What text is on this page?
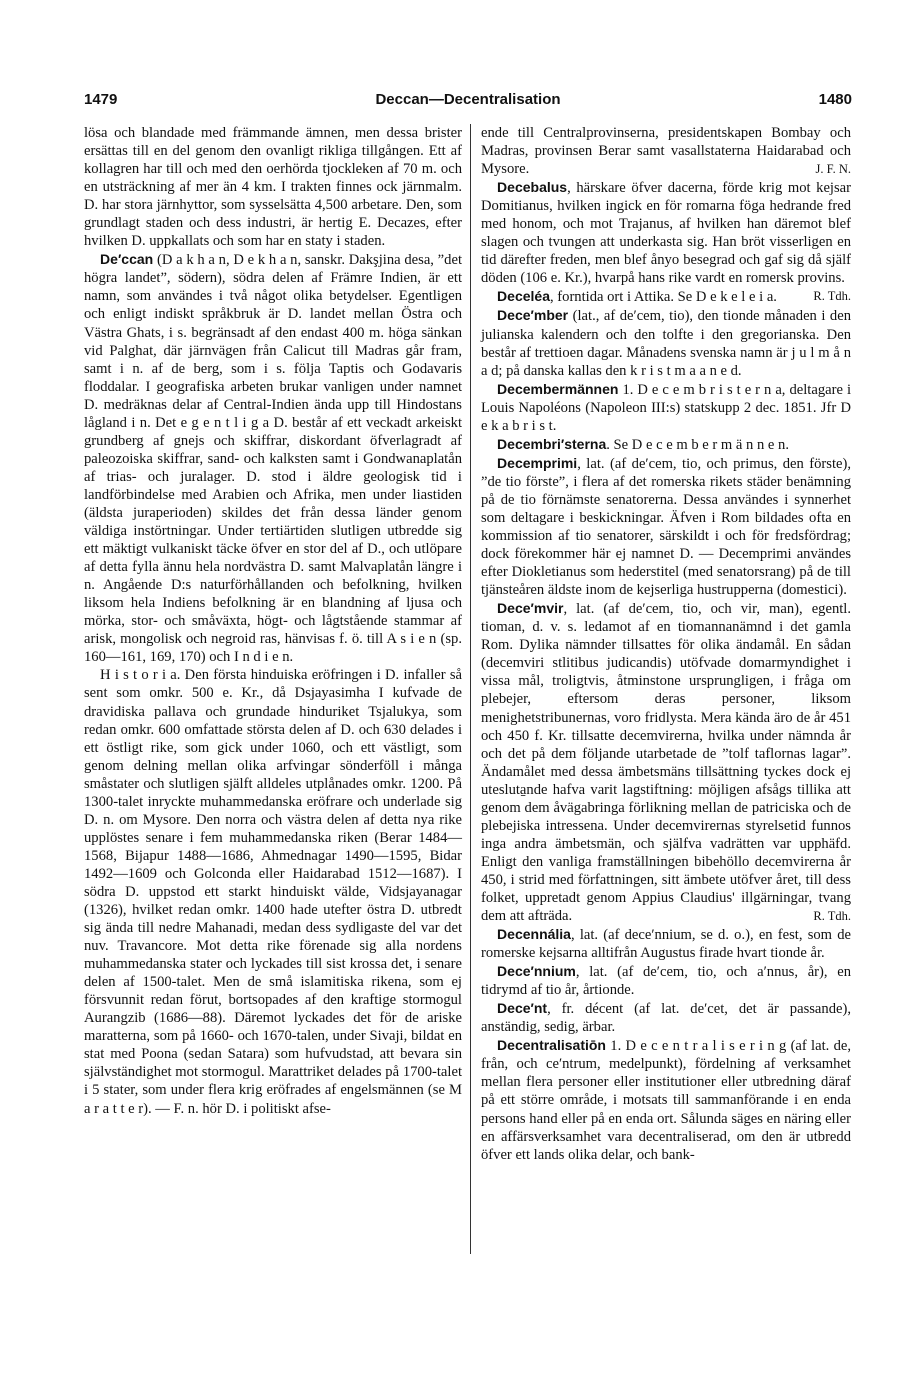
1479	Deccan—Decentralisation	1480

lösa och blandade med främmande ämnen, men dessa brister ersättas till en del genom den ovanligt rikliga tillgången. Ett af kollagren har till och med den oerhörda tjockleken af 70 m. och en utsträckning af mer än 4 km. I trakten finnes ock järnmalm. D. har stora järnhyttor, som sysselsätta 4,500 arbetare. Den, som grundlagt staden och dess industri, är hertig E. Decazes, efter hvilken D. uppkallats och som har en staty i staden.

De′ccan (D a k h a n, D e k h a n, sanskr. Dakşjina desa, ”det högra landet”, södern), södra delen af Främre Indien, är ett namn, som användes i två något olika betydelser. Egentligen och enligt indiskt språkbruk är D. landet mellan Östra och Västra Ghats, i s. begränsadt af den endast 400 m. höga sänkan vid Palghat, där järnvägen från Calicut till Madras går fram, samt i n. af de berg, som i s. följa Taptis och Godavaris floddalar. I geografiska arbeten brukar vanligen under namnet D. medräknas delar af Central-Indien ända upp till Hindostans lågland i n. Det e g e n t l i g a D. består af ett veckadt arkeiskt grundberg af gnejs och skiffrar, diskordant öfverlagradt af paleozoiska skiffrar, sand- och kalksten samt i Gondwanaplatån af trias- och juralager. D. stod i äldre geologisk tid i landförbindelse med Arabien och Afrika, men under liastiden (äldsta juraperioden) skildes det från dessa länder genom väldiga instörtningar. Under tertiärtiden slutligen utbredde sig ett mäktigt vulkaniskt täcke öfver en stor del af D., och utlöpare af detta fylla ännu hela nordvästra D. samt Malvaplatån längre i n. Angående D:s naturförhållanden och befolkning, hvilken liksom hela Indiens befolkning är en blandning af ljusa och mörka, stor- och småväxta, högt- och lågtstående stammar af arisk, mongolisk och negroid ras, hänvisas f. ö. till A s i e n (sp. 160—161, 169, 170) och I n d i e n.

H i s t o r i a. Den första hinduiska eröfringen i D. infaller så sent som omkr. 500 e. Kr., då Dsjayasimha I kufvade de dravidiska pallava och grundade hinduriket Tsjalukya, som redan omkr. 600 omfattade största delen af D. och 630 delades i ett östligt rike, som gick under 1060, och ett västligt, som genom delning mellan olika arfvingar sönderföll i många småstater och slutligen själft alldeles utplånades omkr. 1200. På 1300-talet inryckte muhammedanska eröfrare och underlade sig D. n. om Mysore. Den norra och västra delen af detta nya rike upplöstes senare i fem muhammedanska riken (Berar 1484—1568, Bijapur 1488—1686, Ahmednagar 1490—1595, Bidar 1492—1609 och Golconda eller Haidarabad 1512—1687). I södra D. uppstod ett starkt hinduiskt välde, Vidsjayanagar (1326), hvilket redan omkr. 1400 hade utefter östra D. utbredt sig ända till nedre Mahanadi, medan dess sydligaste del var det nuv. Travancore. Mot detta rike förenade sig alla nordens muhammedanska stater och lyckades till sist krossa det, i senare delen af 1500-talet. Men de små islamitiska rikena, som ej försvunnit redan förut, bortsopades af den kraftige stormogul Aurangzib (1686—88). Däremot lyckades det för de ariske maratterna, som på 1660- och 1670-talen, under Sivaji, bildat en stat med Poona (sedan Satara) som hufvudstad, att bevara sin självständighet mot stormogul. Marattriket delades på 1700-talet i 5 stater, som under flera krig eröfrades af engelsmännen (se M a r a t t e r). — F. n. hör D. i politiskt afse-

ende till Centralprovinserna, presidentskapen Bombay och Madras, provinsen Berar samt vasallstaterna Haidarabad och Mysore.	J. F. N.

Decebalus, härskare öfver dacerna, förde krig mot kejsar Domitianus, hvilken ingick en för romarna föga hedrande fred med honom, och mot Trajanus, af hvilken han däremot blef slagen och tvungen att underkasta sig. Han bröt visserligen en tid därefter freden, men blef ånyo besegrad och gaf sig då själf döden (106 e. Kr.), hvarpå hans rike vardt en romersk provins.
R. Tdh.

Deceléa, forntida ort i Attika. Se D e k e l e i a.

Dece′mber (lat., af de′cem, tio), den tionde månaden i den julianska kalendern och den tolfte i den gregorianska. Den består af trettioen dagar. Månadens svenska namn är j u l m å n a d; på danska kallas den k r i s t m a a n e d.

Decembermännen 1. D e c e m b r i s t e r n a, deltagare i Louis Napoléons (Napoleon III:s) statskupp 2 dec. 1851. Jfr D e k a b r i s t.

Decembri′sterna. Se D e c e m b e r m ä n n e n.

Decemprimi, lat. (af de′cem, tio, och primus, den förste), ”de tio förste”, i flera af det romerska rikets städer benämning på de tio förnämste senatorerna. Dessa användes i synnerhet som deltagare i beskickningar. Äfven i Rom bildades ofta en kommission af tio senatorer, särskildt i och för fredsfördrag; dock förekommer här ej namnet D. — Decemprimi användes efter Diokletianus som hederstitel (med senatorsrang) på de till tjänsteåren äldste inom de kejserliga hustrupperna (domestici).

Dece′mvir, lat. (af de′cem, tio, och vir, man), egentl. tioman, d. v. s. ledamot af en tiomannanämnd i det gamla Rom. Dylika nämnder tillsattes för olika ändamål. En sådan (decemviri stlitibus judicandis) utöfvade domarmyndighet i vissa mål, troligtvis, åtminstone ursprungligen, i fråga om plebejer, eftersom deras personer, liksom menighetstribunernas, voro fridlysta. Mera kända äro de år 451 och 450 f. Kr. tillsatte decemvirerna, hvilka under nämnda år och det på dem följande utarbetade de ”tolf taflornas lagar”. Ändamålet med dessa ämbetsmäns tillsättning tyckes dock ej utesluta̠nde hafva varit lagstiftning: möjligen afsågs tillika att genom dem åvägabringa förlikning mellan de patriciska och de plebejiska intressena. Under decemvirernas styrelsetid funnos inga andra ämbetsmän, och själfva vadrätten var upphäfd. Enligt den vanliga framställningen bibehöllo decemvirerna år 450, i strid med författningen, sitt ämbete utöfver året, till dess folket, uppretadt genom Appius Claudius' illgärningar, tvang dem att afträda.	R. Tdh.

Decennália, lat. (af dece′nnium, se d. o.), en fest, som de romerske kejsarna alltifrån Augustus firade hvart tionde år.

Dece′nnium, lat. (af de′cem, tio, och a′nnus, år), en tidrymd af tio år, årtionde.

Dece′nt, fr. décent (af lat. de′cet, det är passande), anständig, sedig, ärbar.

Decentralisatiōn 1. D e c e n t r a l i s e r i n g (af lat. de, från, och ce′ntrum, medelpunkt), fördelning af verksamhet mellan flera personer eller institutioner eller utbredning däraf på ett större område, i motsats till sammanförande i en enda persons hand eller på en enda ort. Sålunda säges en näring eller en affärsverksamhet vara decentraliserad, om den är utbredd öfver ett lands olika delar, och bank-
